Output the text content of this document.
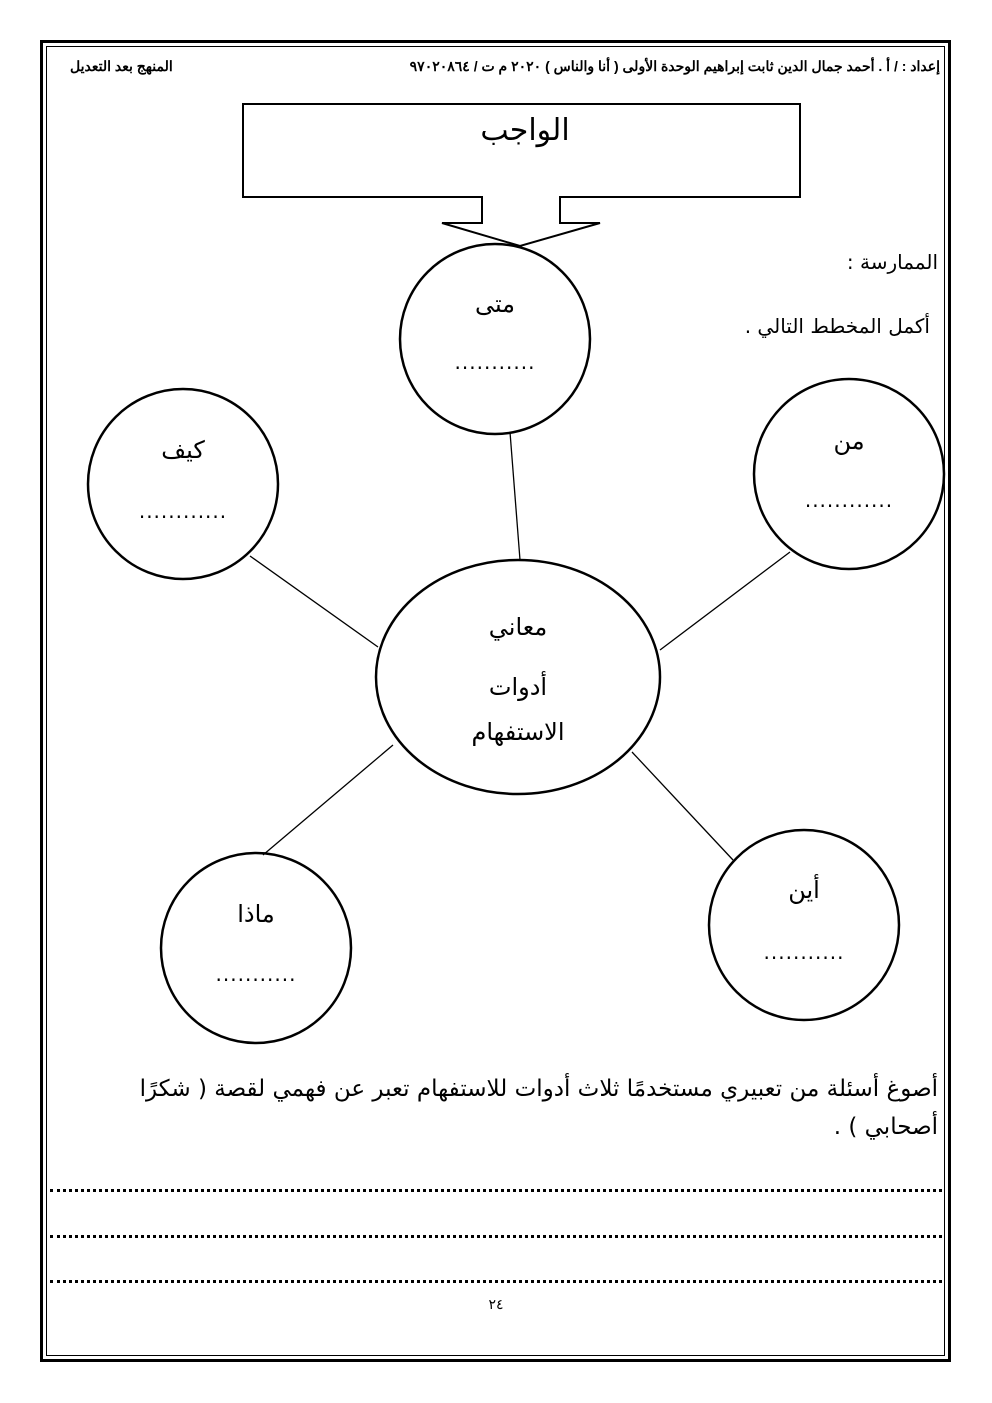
إعداد : / أ . أحمد جمال الدين ثابت إبراهيم الوحدة الأولى ( أنا والناس ) ٢٠٢٠ م ت / ٩٧٠٢٠٨٦٤
المنهج بعد التعديل
الواجب
الممارسة :
أكمل المخطط التالي .
متى
...........
كيف
............
من
............
معاني
أدوات
الاستفهام
ماذا
...........
أين
...........
أصوغ أسئلة من تعبيري مستخدمًا ثلاث أدوات للاستفهام تعبر عن فهمي لقصة ( شكرًا أصحابي ) .
٢٤
